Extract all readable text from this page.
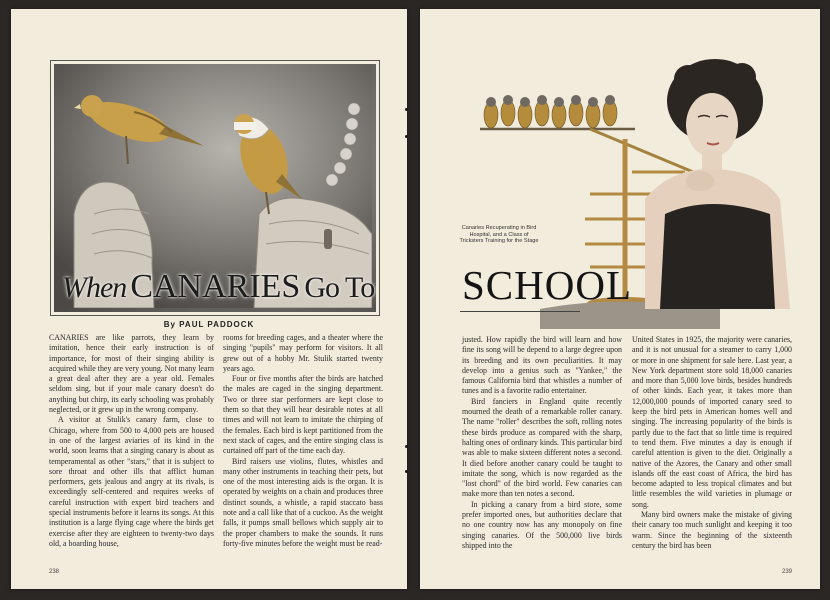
When CANARIES Go To
By PAUL PADDOCK

CANARIES are like parrots, they learn by imitation, hence their early instruction is of importance, for most of their singing ability is acquired while they are very young. Not many learn a great deal after they are a year old. Females seldom sing, but if your male canary doesn't do anything but chirp, its early schooling was probably neglected, or it grew up in the wrong company.

A visitor at Stulik's canary farm, close to Chicago, where from 500 to 4,000 pets are housed in one of the largest aviaries of its kind in the world, soon learns that a singing canary is about as temperamental as other "stars," that it is subject to sore throat and other ills that afflict human performers, gets jealous and angry at its rivals, is exceedingly self-centered and requires weeks of careful instruction with expert bird teachers and special instruments before it learns its songs. At this institution is a large flying cage where the birds get exercise after they are eighteen to twenty-two days old, a boarding house,

rooms for breeding cages, and a theater where the singing "pupils" may perform for visitors. It all grew out of a hobby Mr. Stulik started twenty years ago.

Four or five months after the birds are hatched the males are caged in the singing department. Two or three star performers are kept close to them so that they will hear desirable notes at all times and will not learn to imitate the chirping of the females. Each bird is kept partitioned from the next stack of cages, and the entire singing class is curtained off part of the time each day.

Bird raisers use violins, flutes, whistles and many other instruments in teaching their pets, but one of the most interesting aids is the organ. It is operated by weights on a chain and produces three distinct sounds, a whistle, a rapid staccato bass note and a call like that of a cuckoo. As the weight falls, it pumps small bellows which supply air to the proper chambers to make the sounds. It runs forty-five minutes before the weight must be read-

238
Canaries Recuperating in Bird Hospital, and a Class of Tricksters Training for the Stage
SCHOOL

justed. How rapidly the bird will learn and how fine its song will be depend to a large degree upon its breeding and its own peculiarities. It may develop into a genius such as "Yankee," the famous California bird that whistles a number of tunes and is a favorite radio entertainer.

Bird fanciers in England quite recently mourned the death of a remarkable roller canary. The name "roller" describes the soft, rolling notes these birds produce as compared with the sharp, halting ones of ordinary kinds. This particular bird was able to make sixteen different notes a second. It died before another canary could be taught to imitate the song, which is now regarded as the "lost chord" of the bird world. Few canaries can make more than ten notes a second.

In picking a canary from a bird store, some prefer imported ones, but authorities declare that no one country now has any monopoly on fine singing canaries. Of the 500,000 live birds shipped into the

United States in 1925, the majority were canaries, and it is not unusual for a steamer to carry 1,000 or more in one shipment for sale here. Last year, a New York department store sold 18,000 canaries and more than 5,000 love birds, besides hundreds of other kinds. Each year, it takes more than 12,000,000 pounds of imported canary seed to keep the bird pets in American homes well and singing. The increasing popularity of the birds is partly due to the fact that so little time is required to tend them. Five minutes a day is enough if careful attention is given to the diet. Originally a native of the Azores, the Canary and other small islands off the east coast of Africa, the bird has become adapted to less tropical climates and but little resembles the wild varieties in plumage or song.

Many bird owners make the mistake of giving their canary too much sunlight and keeping it too warm. Since the beginning of the sixteenth century the bird has been

239
